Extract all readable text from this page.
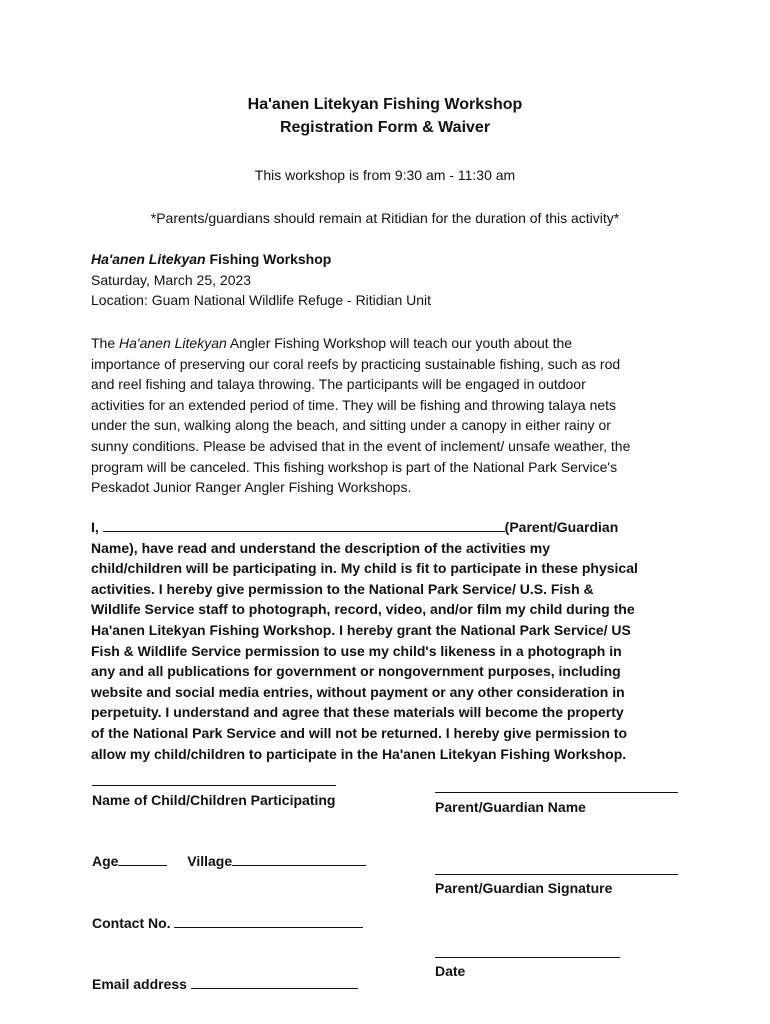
Ha'anen Litekyan Fishing Workshop
Registration Form & Waiver
This workshop is from 9:30 am - 11:30 am
*Parents/guardians should remain at Ritidian for the duration of this activity*
Ha'anen Litekyan Fishing Workshop
Saturday, March 25, 2023
Location: Guam National Wildlife Refuge - Ritidian Unit

The Ha'anen Litekyan Angler Fishing Workshop will teach our youth about the

importance of preserving our coral reefs by practicing sustainable fishing, such as rod

and reel fishing and talaya throwing. The participants will be engaged in outdoor

activities for an extended period of time. They will be fishing and throwing talaya nets

under the sun, walking along the beach, and sitting under a canopy in either rainy or

sunny conditions. Please be advised that in the event of inclement/ unsafe weather, the

program will be canceled. This fishing workshop is part of the National Park Service's

Peskadot Junior Ranger Angler Fishing Workshops.

I,	(Parent/Guardian

Name), have read and understand the description of the activities my

child/children will be participating in. My child is fit to participate in these physical

activities. I hereby give permission to the National Park Service/ U.S. Fish &

Wildlife Service staff to photograph, record, video, and/or film my child during the

Ha'anen Litekyan Fishing Workshop. I hereby grant the National Park Service/ US

Fish & Wildlife Service permission to use my child's likeness in a photograph in

any and all publications for government or nongovernment purposes, including

website and social media entries, without payment or any other consideration in

perpetuity. I understand and agree that these materials will become the property

of the National Park Service and will not be returned. I hereby give permission to

allow my child/children to participate in the Ha'anen Litekyan Fishing Workshop.

Name of Child/Children Participating
Age	Village
Contact No.
Email address
Parent/Guardian Name
Parent/Guardian Signature
Date
